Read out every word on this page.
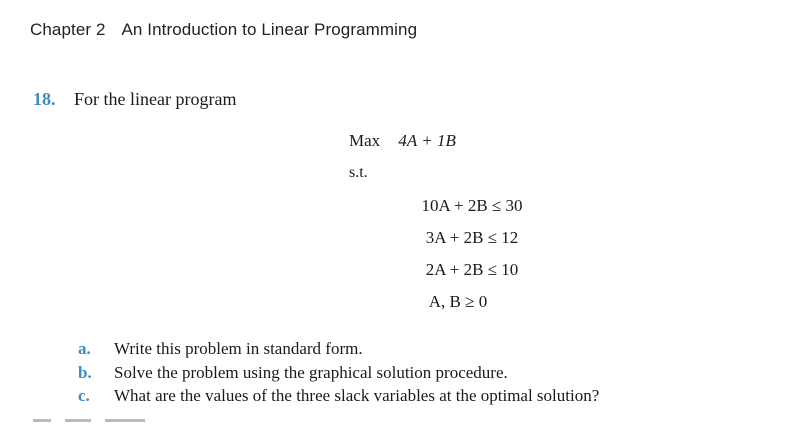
Chapter 2 An Introduction to Linear Programming
18. For the linear program
Max 4A + 1B
s.t.
10A + 2B ≤ 30
3A + 2B ≤ 12
2A + 2B ≤ 10
A, B ≥ 0
a. Write this problem in standard form.
b. Solve the problem using the graphical solution procedure.
c. What are the values of the three slack variables at the optimal solution?
